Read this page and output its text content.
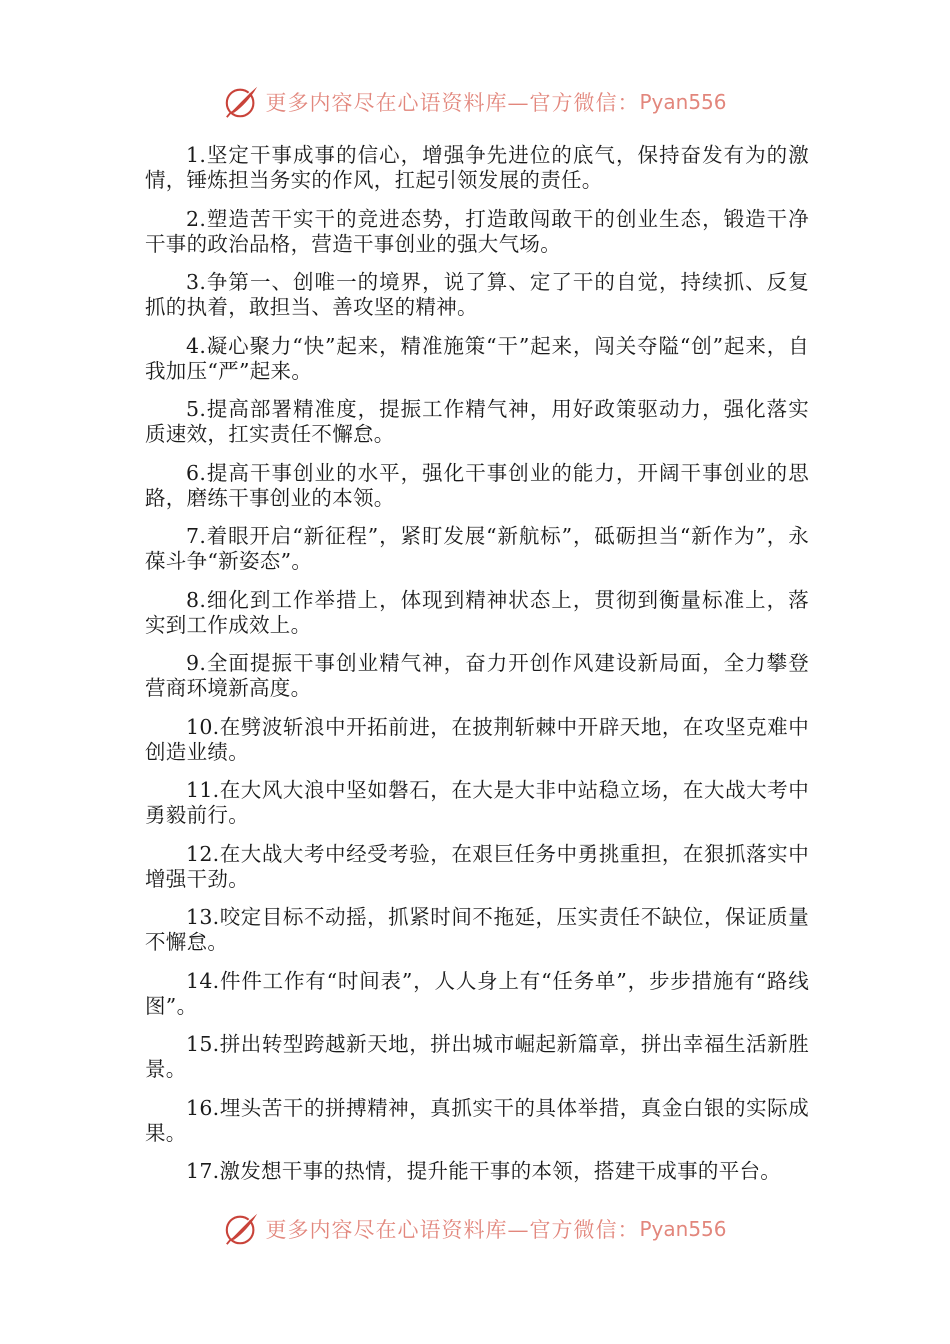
更多内容尽在心语资料库—官方微信： Pyan556

1.坚定干事成事的信心，增强争先进位的底气，保持奋发有为的激情，锤炼担当务实的作风，扛起引领发展的责任。

2.塑造苦干实干的竞进态势，打造敢闯敢干的创业生态，锻造干净干事的政治品格，营造干事创业的强大气场。

3.争第一、创唯一的境界，说了算、定了干的自觉，持续抓、反复抓的执着，敢担当、善攻坚的精神。

4.凝心聚力“快”起来，精准施策“干”起来，闯关夺隘“创”起来，自我加压“严”起来。

5.提高部署精准度，提振工作精气神，用好政策驱动力，强化落实质速效，扛实责任不懈怠。

6.提高干事创业的水平，强化干事创业的能力，开阔干事创业的思路，磨练干事创业的本领。

7.着眼开启“新征程”，紧盯发展“新航标”，砥砺担当“新作为”，永葆斗争“新姿态”。

8.细化到工作举措上，体现到精神状态上，贯彻到衡量标准上，落实到工作成效上。

9.全面提振干事创业精气神，奋力开创作风建设新局面，全力攀登营商环境新高度。

10.在劈波斩浪中开拓前进，在披荆斩棘中开辟天地，在攻坚克难中创造业绩。

11.在大风大浪中坚如磐石，在大是大非中站稳立场，在大战大考中勇毅前行。

12.在大战大考中经受考验，在艰巨任务中勇挑重担，在狠抓落实中增强干劲。

13.咬定目标不动摇，抓紧时间不拖延，压实责任不缺位，保证质量不懈怠。

14.件件工作有“时间表”，人人身上有“任务单”，步步措施有“路线图”。

15.拼出转型跨越新天地，拼出城市崛起新篇章，拼出幸福生活新胜景。

16.埋头苦干的拼搏精神，真抓实干的具体举措，真金白银的实际成果。

17.激发想干事的热情，提升能干事的本领，搭建干成事的平台。

更多内容尽在心语资料库—官方微信： Pyan556
